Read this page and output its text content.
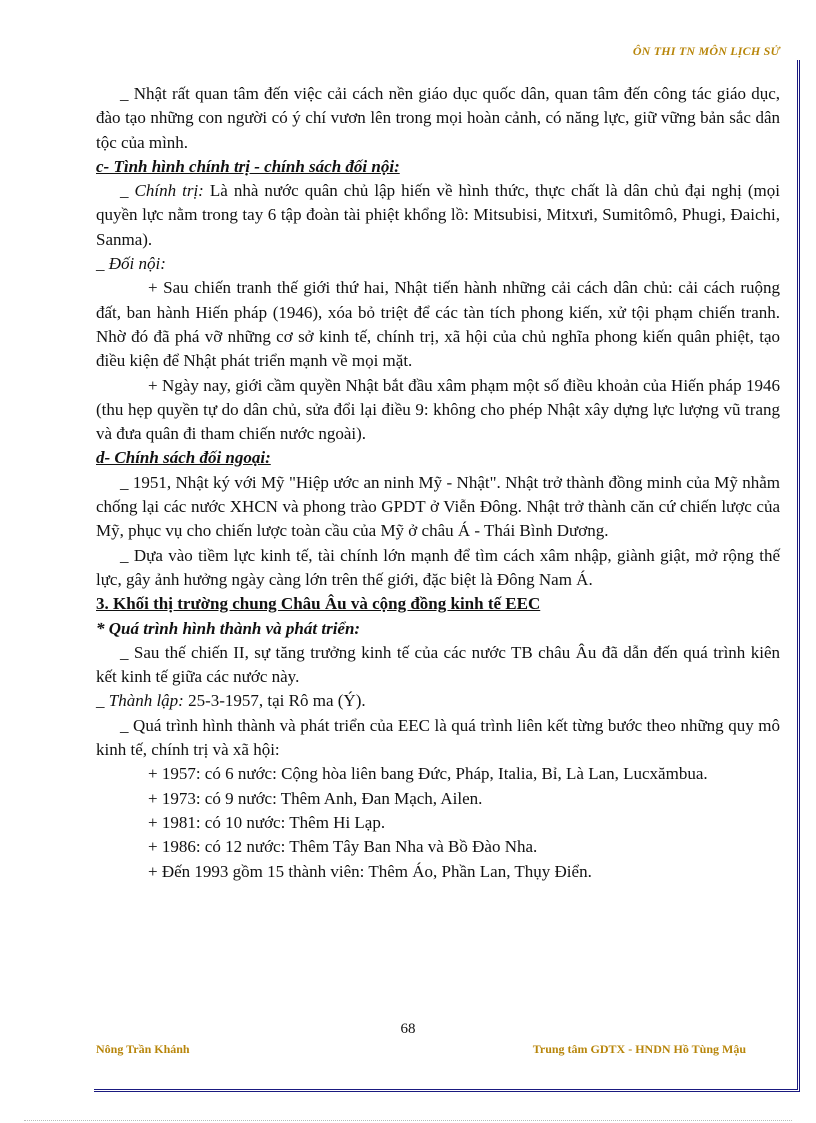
ÔN THI TN MÔN LỊCH SỬ

_ Nhật rất quan tâm đến việc cải cách nền giáo dục quốc dân, quan tâm đến công tác giáo dục, đào tạo những con người có ý chí vươn lên trong mọi hoàn cảnh, có năng lực, giữ vững bản sắc dân tộc của mình.

c- Tình hình chính trị - chính sách đối nội:

_ Chính trị: Là nhà nước quân chủ lập hiến về hình thức, thực chất là dân chủ đại nghị (mọi quyền lực nằm trong tay 6 tập đoàn tài phiệt khổng lồ: Mitsubisi, Mitxưi, Sumitômô, Phugi, Đaichi, Sanma).

_ Đối nội:

+ Sau chiến tranh thế giới thứ hai, Nhật tiến hành những cải cách dân chủ: cải cách ruộng đất, ban hành Hiến pháp (1946), xóa bỏ triệt để các tàn tích phong kiến, xử tội phạm chiến tranh. Nhờ đó đã phá vỡ những cơ sở kinh tế, chính trị, xã hội của chủ nghĩa phong kiến quân phiệt, tạo điều kiện để Nhật phát triển mạnh về mọi mặt.

+ Ngày nay, giới cầm quyền Nhật bắt đầu xâm phạm một số điều khoản của Hiến pháp 1946 (thu hẹp quyền tự do dân chủ, sửa đổi lại điều 9: không cho phép Nhật xây dựng lực lượng vũ trang và đưa quân đi tham chiến nước ngoài).

d- Chính sách đối ngoại:

_ 1951, Nhật ký với Mỹ "Hiệp ước an ninh Mỹ - Nhật". Nhật trở thành đồng minh của Mỹ nhằm chống lại các nước XHCN và phong trào GPDT ở Viễn Đông. Nhật trở thành căn cứ chiến lược của Mỹ, phục vụ cho chiến lược toàn cầu của Mỹ ở châu Á - Thái Bình Dương.

_ Dựa vào tiềm lực kinh tế, tài chính lớn mạnh để tìm cách xâm nhập, giành giật, mở rộng thế lực, gây ảnh hưởng ngày càng lớn trên thế giới, đặc biệt là Đông Nam Á.

3. Khối thị trường chung Châu Âu và cộng đồng kinh tế EEC

* Quá trình hình thành và phát triển:

_ Sau thế chiến II, sự tăng trưởng kinh tế của các nước TB châu Âu đã dẫn đến quá trình kiên kết kinh tế giữa các nước này.

_ Thành lập: 25-3-1957, tại Rô ma (Ý).

_ Quá trình hình thành và phát triển của EEC là quá trình liên kết từng bước theo những quy mô kinh tế, chính trị và xã hội:

+ 1957: có 6 nước: Cộng hòa liên bang Đức, Pháp, Italia, Bỉ, Là Lan, Lucxămbua.

+ 1973: có 9 nước: Thêm Anh, Đan Mạch, Ailen.

+ 1981: có 10 nước: Thêm Hi Lạp.

+ 1986: có 12 nước: Thêm Tây Ban Nha và Bồ Đào Nha.

+ Đến 1993 gồm 15 thành viên: Thêm Áo, Phần Lan, Thụy Điển.

68
Nông Trần Khánh	Trung tâm GDTX - HNDN Hồ Tùng Mậu
